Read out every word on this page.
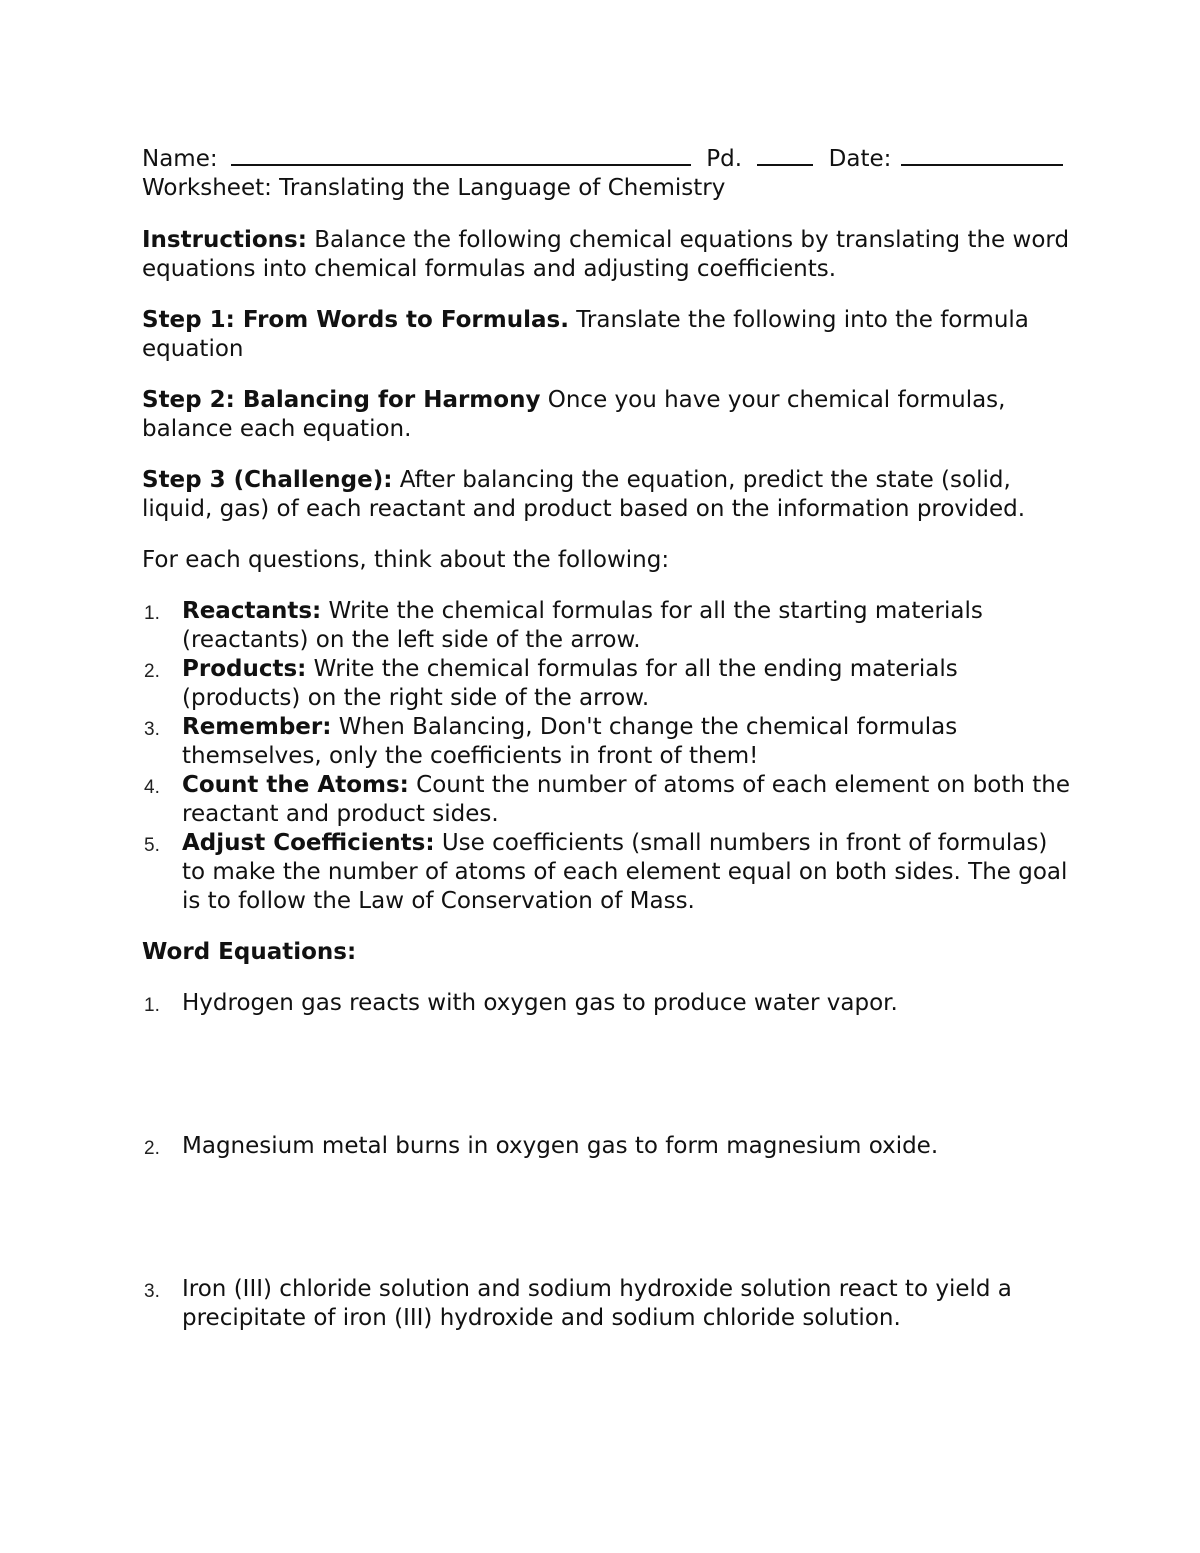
Name:	Pd.	Date:
Worksheet: Translating the Language of Chemistry

Instructions: Balance the following chemical equations by translating the word equations into chemical formulas and adjusting coefficients.

Step 1: From Words to Formulas. Translate the following into the formula equation

Step 2: Balancing for Harmony Once you have your chemical formulas, balance each equation.

Step 3 (Challenge): After balancing the equation, predict the state (solid, liquid, gas) of each reactant and product based on the information provided.

For each questions, think about the following:

1. Reactants: Write the chemical formulas for all the starting materials (reactants) on the left side of the arrow.
2. Products: Write the chemical formulas for all the ending materials (products) on the right side of the arrow.
3. Remember: When Balancing, Don't change the chemical formulas themselves, only the coefficients in front of them!
4. Count the Atoms: Count the number of atoms of each element on both the reactant and product sides.
5. Adjust Coefficients: Use coefficients (small numbers in front of formulas) to make the number of atoms of each element equal on both sides. The goal is to follow the Law of Conservation of Mass.

Word Equations:

1. Hydrogen gas reacts with oxygen gas to produce water vapor.
2. Magnesium metal burns in oxygen gas to form magnesium oxide.
3. Iron (III) chloride solution and sodium hydroxide solution react to yield a precipitate of iron (III) hydroxide and sodium chloride solution.
